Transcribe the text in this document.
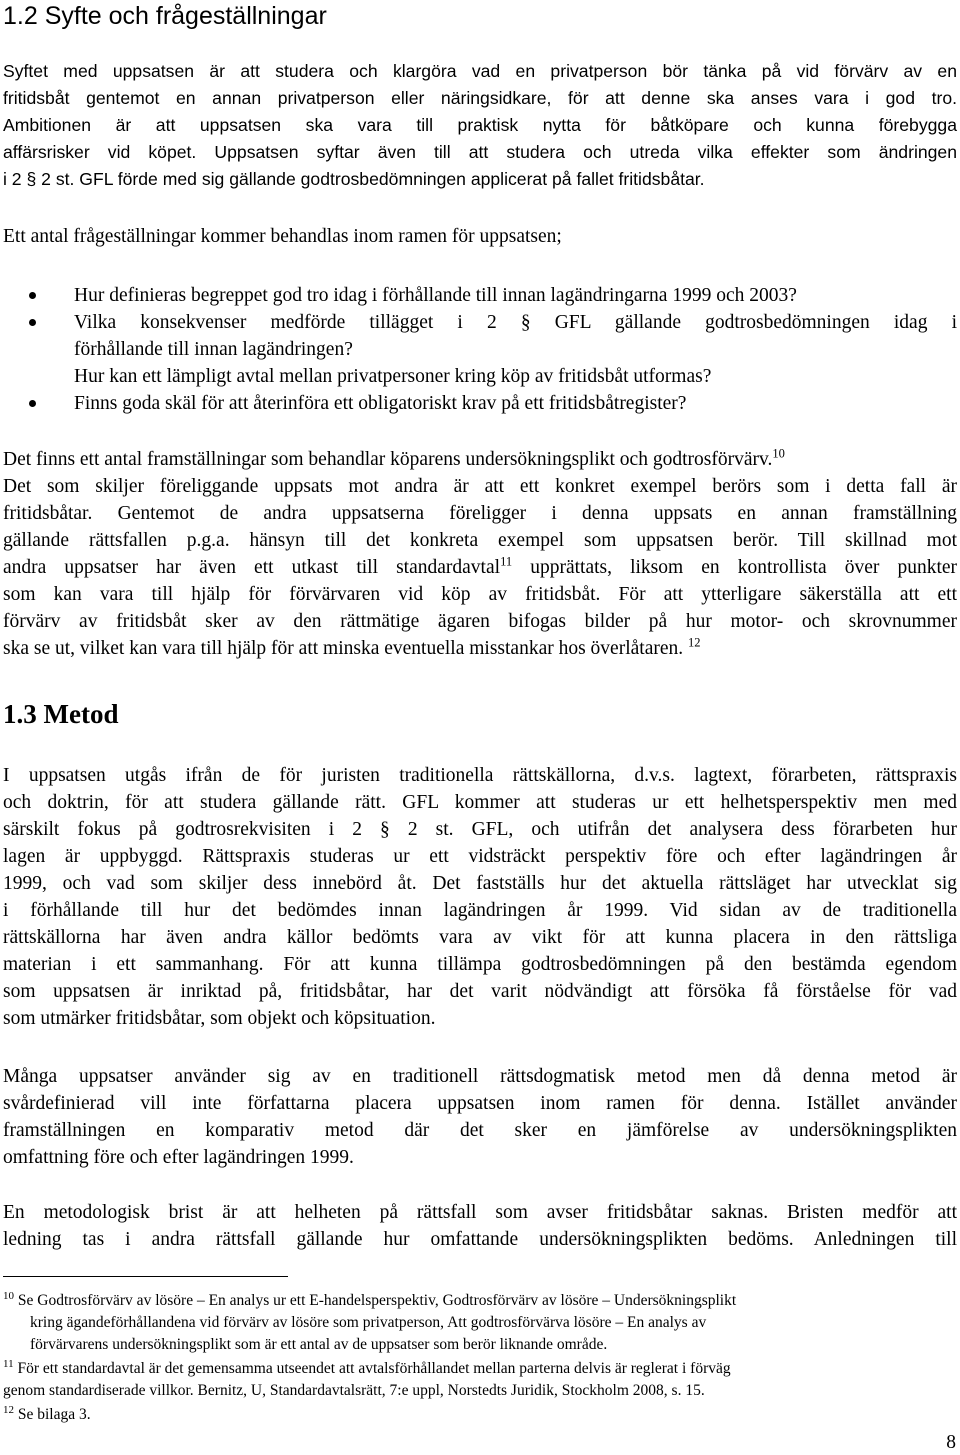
1.2 Syfte och frågeställningar
Syftet med uppsatsen är att studera och klargöra vad en privatperson bör tänka på vid förvärv av en
fritidsbåt gentemot en annan privatperson eller näringsidkare, för att denne ska anses vara i god tro.
Ambitionen är att uppsatsen ska vara till praktisk nytta för båtköpare och kunna förebygga
affärsrisker vid köpet. Uppsatsen syftar även till att studera och utreda vilka effekter som ändringen
i 2 § 2 st. GFL förde med sig gällande godtrosbedömningen applicerat på fallet fritidsbåtar.
Ett antal frågeställningar kommer behandlas inom ramen för uppsatsen;
Hur definieras begreppet god tro idag i förhållande till innan lagändringarna 1999 och 2003?
Vilka konsekvenser medförde tillägget i 2 § GFL gällande godtrosbedömningen idag i
förhållande till innan lagändringen?
Hur kan ett lämpligt avtal mellan privatpersoner kring köp av fritidsbåt utformas?
Finns goda skäl för att återinföra ett obligatoriskt krav på ett fritidsbåtregister?
Det finns ett antal framställningar som behandlar köparens undersökningsplikt och godtrosförvärv.$^{10}$
Det som skiljer föreliggande uppsats mot andra är att ett konkret exempel berörs som i detta fall är
fritidsbåtar. Gentemot de andra uppsatserna föreligger i denna uppsats en annan framställning
gällande rättsfallen p.g.a. hänsyn till det konkreta exempel som uppsatsen berör. Till skillnad mot
andra uppsatser har även ett utkast till standardavtal$^{11}$ upprättats, liksom en kontrollista över punkter
som kan vara till hjälp för förvärvaren vid köp av fritidsbåt. För att ytterligare säkerställa att ett
förvärv av fritidsbåt sker av den rättmätige ägaren bifogas bilder på hur motor- och skrovnummer
ska se ut, vilket kan vara till hjälp för att minska eventuella misstankar hos överlåtaren. $^{12}$
1.3 Metod
I uppsatsen utgås ifrån de för juristen traditionella rättskällorna, d.v.s. lagtext, förarbeten, rättspraxis
och doktrin, för att studera gällande rätt. GFL kommer att studeras ur ett helhetsperspektiv men med
särskilt fokus på godtrosrekvisiten i 2 § 2 st. GFL, och utifrån det analysera dess förarbeten hur
lagen är uppbyggd. Rättspraxis studeras ur ett vidsträckt perspektiv före och efter lagändringen år
1999, och vad som skiljer dess innebörd åt. Det fastställs hur det aktuella rättsläget har utvecklat sig
i förhållande till hur det bedömdes innan lagändringen år 1999. Vid sidan av de traditionella
rättskällorna har även andra källor bedömts vara av vikt för att kunna placera in den rättsliga
materian i ett sammanhang. För att kunna tillämpa godtrosbedömningen på den bestämda egendom
som uppsatsen är inriktad på, fritidsbåtar, har det varit nödvändigt att försöka få förståelse för vad
som utmärker fritidsbåtar, som objekt och köpsituation.
Många uppsatser använder sig av en traditionell rättsdogmatisk metod men då denna metod är
svårdefinierad vill inte författarna placera uppsatsen inom ramen för denna. Istället använder
framställningen en komparativ metod där det sker en jämförelse av undersökningsplikten
omfattning före och efter lagändringen 1999.
En metodologisk brist är att helheten på rättsfall som avser fritidsbåtar saknas. Bristen medför att
ledning tas i andra rättsfall gällande hur omfattande undersökningsplikten bedöms. Anledningen till
$^{10}$ Se Godtrosförvärv av lösöre – En analys ur ett E-handelsperspektiv, Godtrosförvärv av lösöre – Undersökningsplikt
kring ägandeförhållandena vid förvärv av lösöre som privatperson, Att godtrosförvärva lösöre – En analys av
förvärvarens undersökningsplikt som är ett antal av de uppsatser som berör liknande område.
$^{11}$ För ett standardavtal är det gemensamma utseendet att avtalsförhållandet mellan parterna delvis är reglerat i förväg
genom standardiserade villkor. Bernitz, U, Standardavtalsrätt, 7:e uppl, Norstedts Juridik, Stockholm 2008, s. 15.
$^{12}$ Se bilaga 3.
8
